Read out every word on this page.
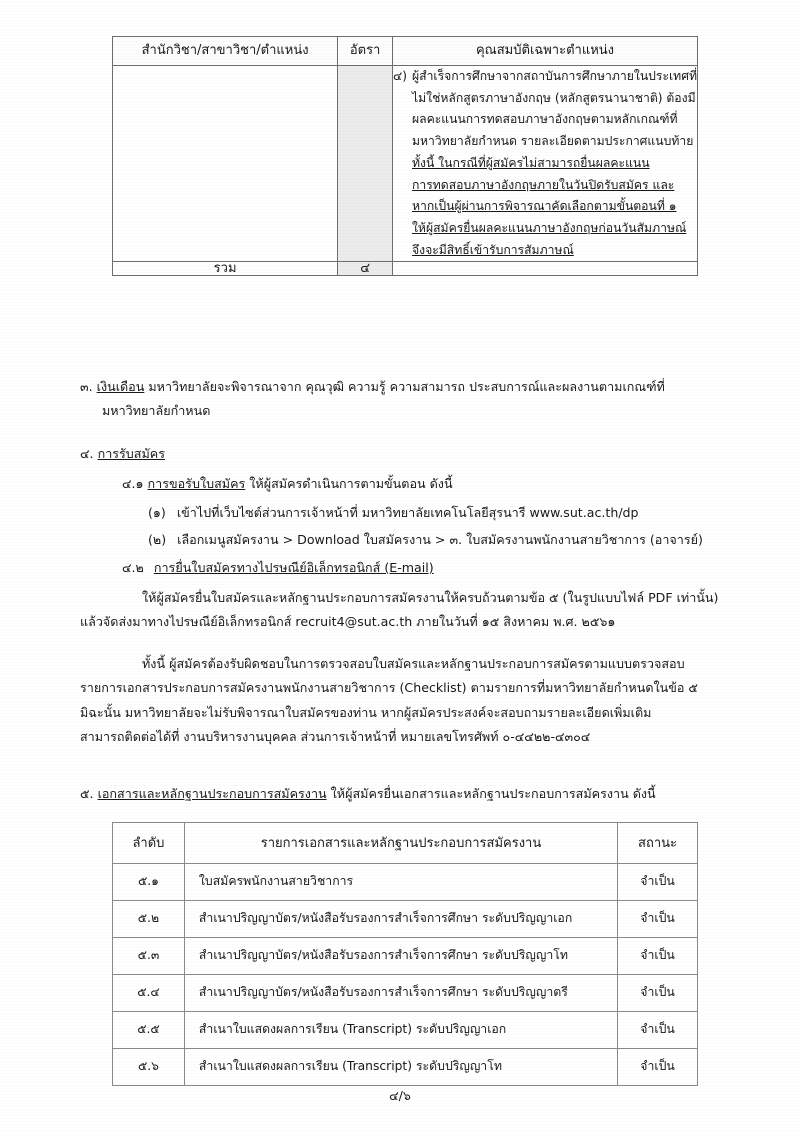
สำนักวิชา/สาขาวิชา/ตำแหน่ง	อัตรา	คุณสมบัติเฉพาะตำแหน่ง

๔) ผู้สำเร็จการศึกษาจากสถาบันการศึกษาภายในประเทศที่
ไม่ใช่หลักสูตรภาษาอังกฤษ (หลักสูตรนานาชาติ) ต้องมี
ผลคะแนนการทดสอบภาษาอังกฤษตามหลักเกณฑ์ที่
มหาวิทยาลัยกำหนด รายละเอียดตามประกาศแนบท้าย
ทั้งนี้ ในกรณีที่ผู้สมัครไม่สามารถยื่นผลคะแนน
การทดสอบภาษาอังกฤษภายในวันปิดรับสมัคร และ
หากเป็นผู้ผ่านการพิจารณาคัดเลือกตามขั้นตอนที่ ๑
ให้ผู้สมัครยื่นผลคะแนนภาษาอังกฤษก่อนวันสัมภาษณ์
จึงจะมีสิทธิ์เข้ารับการสัมภาษณ์

รวม	๔	
๓. เงินเดือน มหาวิทยาลัยจะพิจารณาจาก คุณวุฒิ ความรู้ ความสามารถ ประสบการณ์และผลงานตามเกณฑ์ที่
มหาวิทยาลัยกำหนด
๔. การรับสมัคร
๔.๑ การขอรับใบสมัคร ให้ผู้สมัครดำเนินการตามขั้นตอน ดังนี้
(๑) เข้าไปที่เว็บไซต์ส่วนการเจ้าหน้าที่ มหาวิทยาลัยเทคโนโลยีสุรนารี www.sut.ac.th/dp
(๒) เลือกเมนูสมัครงาน > Download ใบสมัครงาน > ๓. ใบสมัครงานพนักงานสายวิชาการ (อาจารย์)
๔.๒ การยื่นใบสมัครทางไปรษณีย์อิเล็กทรอนิกส์ (E-mail)
ให้ผู้สมัครยื่นใบสมัครและหลักฐานประกอบการสมัครงานให้ครบถ้วนตามข้อ ๕ (ในรูปแบบไฟล์ PDF เท่านั้น)
แล้วจัดส่งมาทางไปรษณีย์อิเล็กทรอนิกส์ recruit4@sut.ac.th ภายในวันที่ ๑๕ สิงหาคม พ.ศ. ๒๕๖๑
ทั้งนี้ ผู้สมัครต้องรับผิดชอบในการตรวจสอบใบสมัครและหลักฐานประกอบการสมัครตามแบบตรวจสอบ
รายการเอกสารประกอบการสมัครงานพนักงานสายวิชาการ (Checklist) ตามรายการที่มหาวิทยาลัยกำหนดในข้อ ๕
มิฉะนั้น มหาวิทยาลัยจะไม่รับพิจารณาใบสมัครของท่าน หากผู้สมัครประสงค์จะสอบถามรายละเอียดเพิ่มเติม
สามารถติดต่อได้ที่ งานบริหารงานบุคคล ส่วนการเจ้าหน้าที่ หมายเลขโทรศัพท์ ๐-๔๔๒๒-๔๓๐๔
๕. เอกสารและหลักฐานประกอบการสมัครงาน ให้ผู้สมัครยื่นเอกสารและหลักฐานประกอบการสมัครงาน ดังนี้
ลำดับ	รายการเอกสารและหลักฐานประกอบการสมัครงาน	สถานะ
๕.๑	ใบสมัครพนักงานสายวิชาการ	จำเป็น
๕.๒	สำเนาปริญญาบัตร/หนังสือรับรองการสำเร็จการศึกษา ระดับปริญญาเอก	จำเป็น
๕.๓	สำเนาปริญญาบัตร/หนังสือรับรองการสำเร็จการศึกษา ระดับปริญญาโท	จำเป็น
๕.๔	สำเนาปริญญาบัตร/หนังสือรับรองการสำเร็จการศึกษา ระดับปริญญาตรี	จำเป็น
๕.๕	สำเนาใบแสดงผลการเรียน (Transcript) ระดับปริญญาเอก	จำเป็น
๕.๖	สำเนาใบแสดงผลการเรียน (Transcript) ระดับปริญญาโท	จำเป็น
๔/๖
